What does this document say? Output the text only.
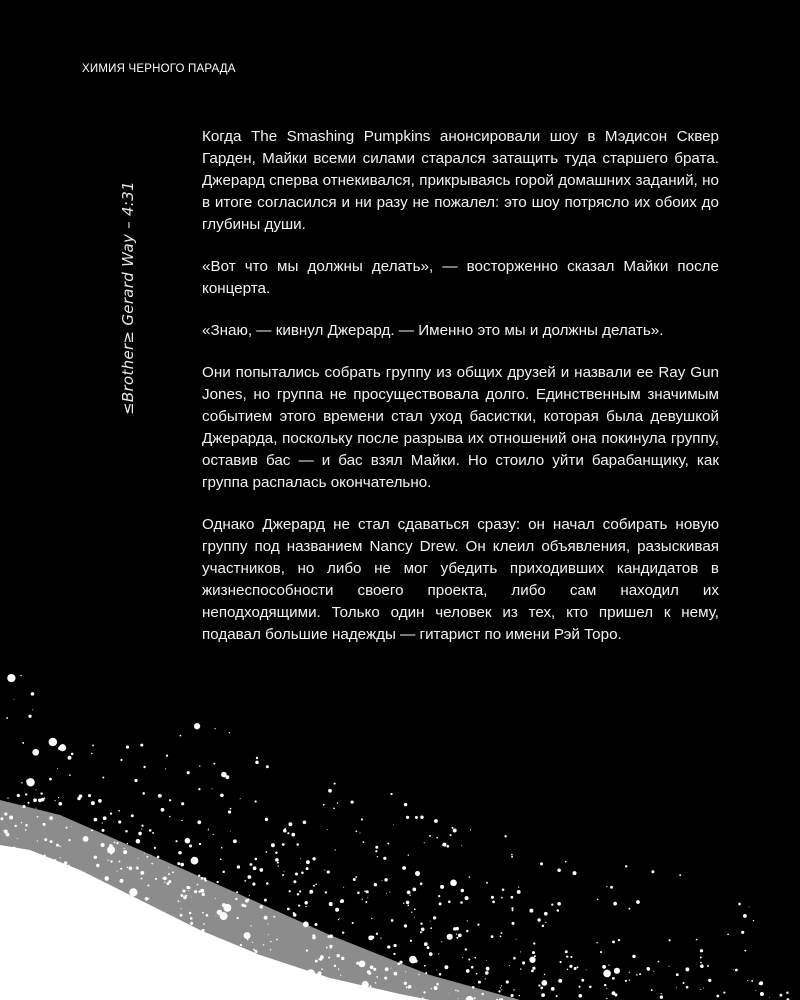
ХИМИЯ ЧЕРНОГО ПАРАДА
≤Brother≥ Gerard Way – 4:31

Когда The Smashing Pumpkins анонсировали шоу в Мэдисон Сквер Гарден, Майки всеми силами старался затащить туда старшего брата. Джерард сперва отнекивался, прикрываясь горой домашних заданий, но в итоге согласился и ни разу не пожалел: это шоу потрясло их обоих до глубины души.

«Вот что мы должны делать», — восторженно сказал Майки после концерта.

«Знаю, — кивнул Джерард. — Именно это мы и должны делать».

Они попытались собрать группу из общих друзей и назвали ее Ray Gun Jones, но группа не просуществовала долго. Единственным значимым событием этого времени стал уход басистки, которая была девушкой Джерарда, поскольку после разрыва их отношений она покинула группу, оставив бас — и бас взял Майки. Но стоило уйти барабанщику, как группа распалась окончательно.

Однако Джерард не стал сдаваться сразу: он начал собирать новую группу под названием Nancy Drew. Он клеил объявления, разыскивая участников, но либо не мог убедить приходивших кандидатов в жизнеспособности своего проекта, либо сам находил их неподходящими. Только один человек из тех, кто пришел к нему, подавал большие надежды — гитарист по имени Рэй Торо.
